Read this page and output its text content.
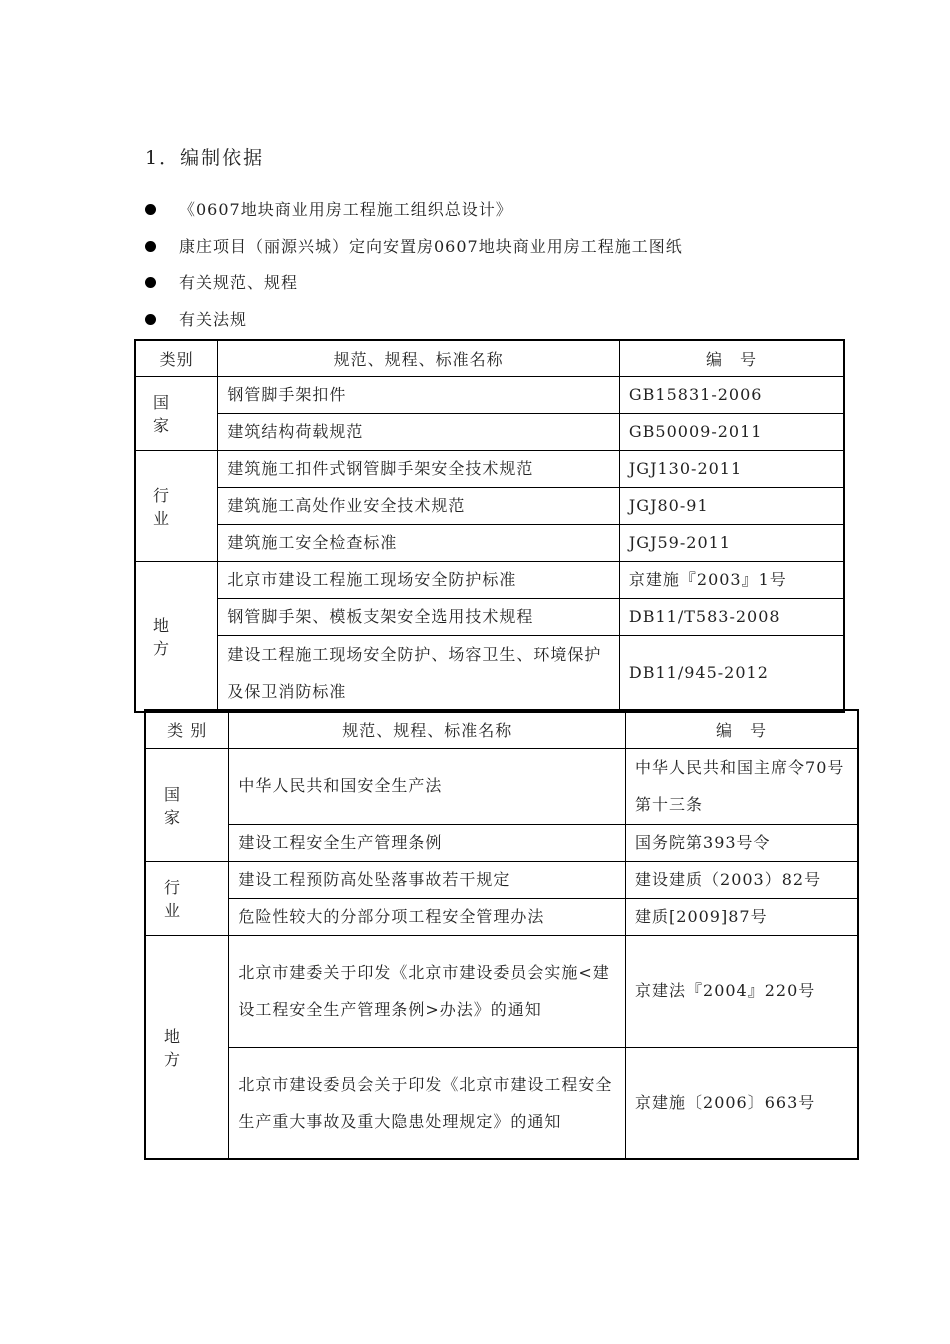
1．编制依据
《0607地块商业用房工程施工组织总设计》
康庄项目（丽源兴城）定向安置房0607地块商业用房工程施工图纸
有关规范、规程
有关法规
类别	规范、规程、标准名称	编　号
国家	钢管脚手架扣件	GB15831-2006
	建筑结构荷载规范	GB50009-2011
行 业	建筑施工扣件式钢管脚手架安全技术规范	JGJ130-2011
	建筑施工高处作业安全技术规范	JGJ80-91
	建筑施工安全检查标准	JGJ59-2011
地 方	北京市建设工程施工现场安全防护标准	京建施『2003』1号
	钢管脚手架、模板支架安全选用技术规程	DB11/T583-2008
	建设工程施工现场安全防护、场容卫生、环境保护及保卫消防标准	DB11/945-2012
类 别	规范、规程、标准名称	编　号
国 家	中华人民共和国安全生产法	中华人民共和国主席令70号第十三条
	建设工程安全生产管理条例	国务院第393号令
行 业	建设工程预防高处坠落事故若干规定	建设建质（2003）82号
	危险性较大的分部分项工程安全管理办法	建质[2009]87号
地 方	北京市建委关于印发《北京市建设委员会实施<建设工程安全生产管理条例>办法》的通知	京建法『2004』220号
	北京市建设委员会关于印发《北京市建设工程安全生产重大事故及重大隐患处理规定》的通知	京建施〔2006〕663号
